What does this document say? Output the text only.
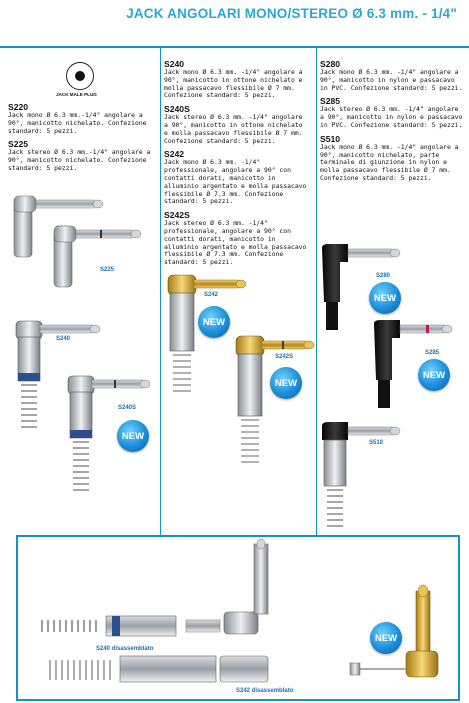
JACK ANGOLARI MONO/STEREO Ø 6.3 mm. - 1/4"
JACK MALE PLUG
S220
Jack mono Ø 6.3 mm.-1/4" angolare a 90°, manicotto nichelato. Confezione standard: 5 pezzi.
S225
Jack stereo Ø 6.3 mm.-1/4" angolare a 90°, manicotto nichelato. Confezione standard: 5 pezzi.
S240
Jack mono Ø 6.3 mm. -1/4" angolare a 90°, manicotto in ottone nichelato e molla passacavo flessibile Ø 7 mm. Confezione standard: 5 pezzi.
S240S
Jack stereo Ø 6.3 mm. -1/4" angolare a 90°, manicotto in ottone nichelato e molla passacavo flessibile Ø 7 mm. Confezione standard: 5 pezzi.
S242
Jack mono Ø 6.3 mm. -1/4" professionale, angolare a 90° con contatti dorati, manicotto in alluminio argentato e molla passacavo flessibile Ø 7.3 mm. Confezione standard: 5 pezzi.
S242S
Jack stereo Ø 6.3 mm. -1/4" professionale, angolare a 90° con contatti dorati, manicotto in alluminio argentato e molla passacavo flessibile Ø 7.3 mm. Confezione standard: 5 pezzi.
S280
Jack mono Ø 6.3 mm. -1/4" angolare a 90°, manicotto in nylon e passacavo in PVC. Confezione standard: 5 pezzi.
S285
Jack stereo Ø 6.3 mm. -1/4" angolare a 90°, manicotto in nylon e passacavo in PVC. Confezione standard: 5 pezzi.
S510
Jack mono Ø 6.3 mm. -1/4" angolare a 90°, manicotto nichelato, parte terminale di giunzione in nylon e molla passacavo flessibile Ø 7 mm. Confezione standard: 5 pezzi.
S225
S240
S240S
NEW
S242
NEW
S242S
NEW
S280
NEW
S285
NEW
S510
S240 disassemblato
S242 disassemblato
NEW
